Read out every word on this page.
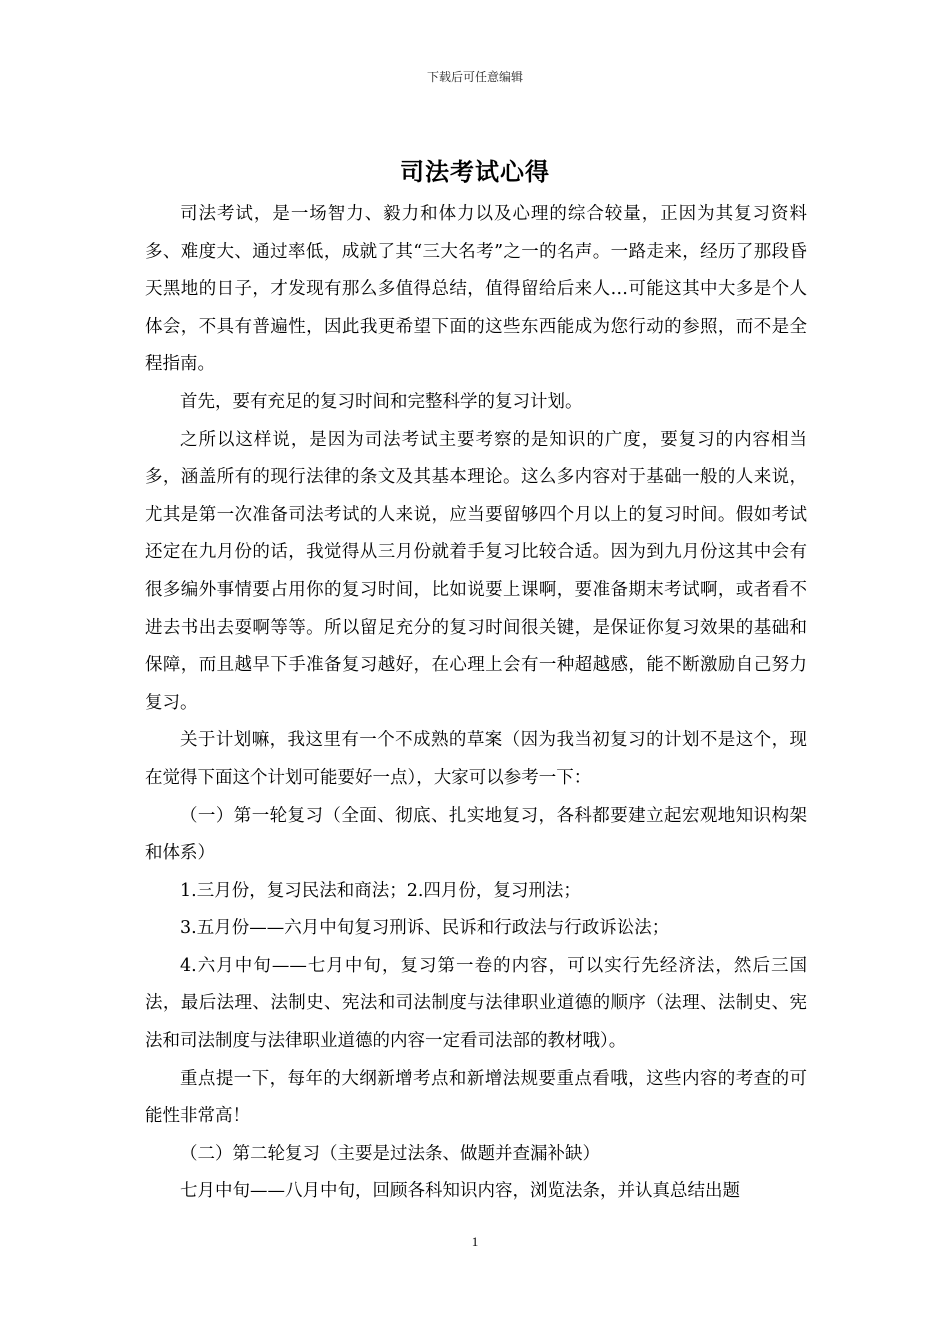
下载后可任意编辑
司法考试心得

司法考试，是一场智力、毅力和体力以及心理的综合较量，正因为其复习资料多、难度大、通过率低，成就了其“三大名考”之一的名声。一路走来，经历了那段昏天黑地的日子，才发现有那么多值得总结，值得留给后来人…可能这其中大多是个人体会，不具有普遍性，因此我更希望下面的这些东西能成为您行动的参照，而不是全程指南。

首先，要有充足的复习时间和完整科学的复习计划。

之所以这样说，是因为司法考试主要考察的是知识的广度，要复习的内容相当多，涵盖所有的现行法律的条文及其基本理论。这么多内容对于基础一般的人来说，尤其是第一次准备司法考试的人来说，应当要留够四个月以上的复习时间。假如考试还定在九月份的话，我觉得从三月份就着手复习比较合适。因为到九月份这其中会有很多编外事情要占用你的复习时间，比如说要上课啊，要准备期末考试啊，或者看不进去书出去耍啊等等。所以留足充分的复习时间很关键，是保证你复习效果的基础和保障，而且越早下手准备复习越好，在心理上会有一种超越感，能不断激励自己努力复习。

关于计划嘛，我这里有一个不成熟的草案（因为我当初复习的计划不是这个，现在觉得下面这个计划可能要好一点），大家可以参考一下：

（一）第一轮复习（全面、彻底、扎实地复习，各科都要建立起宏观地知识构架和体系）

1.三月份，复习民法和商法；2.四月份，复习刑法；

3.五月份——六月中旬复习刑诉、民诉和行政法与行政诉讼法；

4.六月中旬——七月中旬，复习第一卷的内容，可以实行先经济法，然后三国法，最后法理、法制史、宪法和司法制度与法律职业道德的顺序（法理、法制史、宪法和司法制度与法律职业道德的内容一定看司法部的教材哦）。

重点提一下，每年的大纲新增考点和新增法规要重点看哦，这些内容的考查的可能性非常高！

（二）第二轮复习（主要是过法条、做题并查漏补缺）

七月中旬——八月中旬，回顾各科知识内容，浏览法条，并认真总结出题

1
